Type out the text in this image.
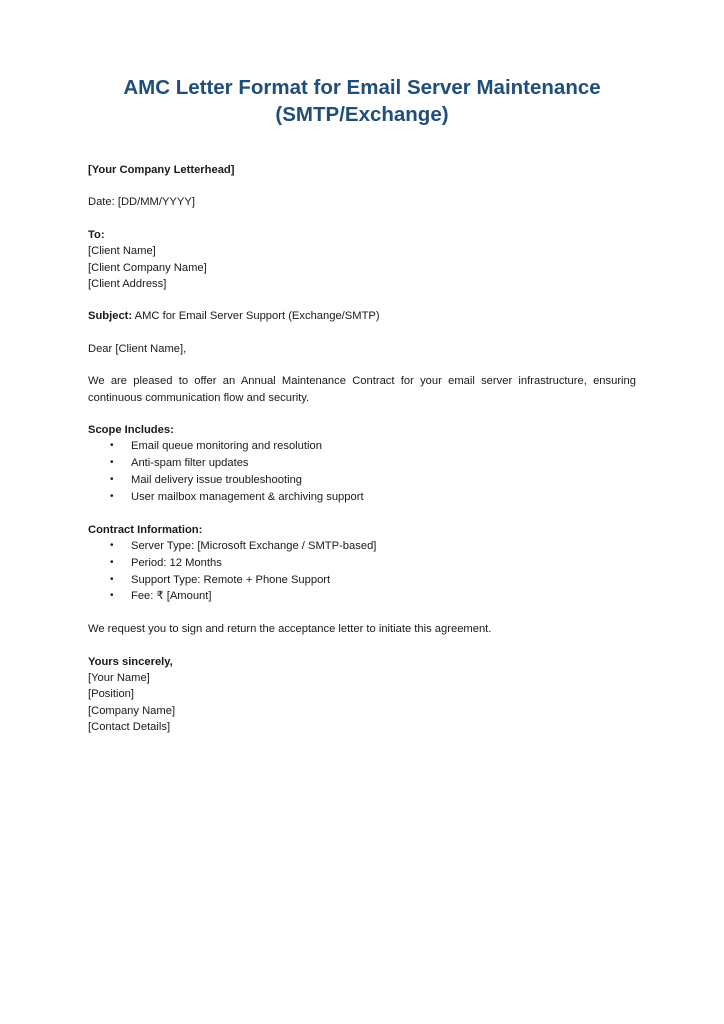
AMC Letter Format for Email Server Maintenance
(SMTP/Exchange)

[Your Company Letterhead]

Date: [DD/MM/YYYY]

To:

[Client Name]

[Client Company Name]

[Client Address]

Subject: AMC for Email Server Support (Exchange/SMTP)

Dear [Client Name],

We are pleased to offer an Annual Maintenance Contract for your email server infrastructure, ensuring continuous communication flow and security.

Scope Includes:

• Email queue monitoring and resolution
• Anti-spam filter updates
• Mail delivery issue troubleshooting
• User mailbox management & archiving support

Contract Information:

• Server Type: [Microsoft Exchange / SMTP-based]
• Period: 12 Months
• Support Type: Remote + Phone Support
• Fee: ₹ [Amount]

We request you to sign and return the acceptance letter to initiate this agreement.

Yours sincerely,

[Your Name]

[Position]

[Company Name]

[Contact Details]
